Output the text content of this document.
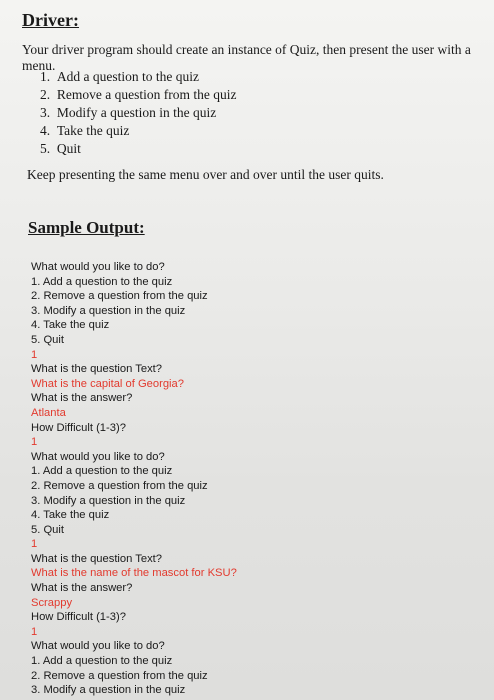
Driver:
Your driver program should create an instance of Quiz, then present the user with a menu.
1. Add a question to the quiz
2. Remove a question from the quiz
3. Modify a question in the quiz
4. Take the quiz
5. Quit
Keep presenting the same menu over and over until the user quits.
Sample Output:
What would you like to do?
1. Add a question to the quiz
2. Remove a question from the quiz
3. Modify a question in the quiz
4. Take the quiz
5. Quit
1
What is the question Text?
What is the capital of Georgia?
What is the answer?
Atlanta
How Difficult (1-3)?
1
What would you like to do?
1. Add a question to the quiz
2. Remove a question from the quiz
3. Modify a question in the quiz
4. Take the quiz
5. Quit
1
What is the question Text?
What is the name of the mascot for KSU?
What is the answer?
Scrappy
How Difficult (1-3)?
1
What would you like to do?
1. Add a question to the quiz
2. Remove a question from the quiz
3. Modify a question in the quiz
